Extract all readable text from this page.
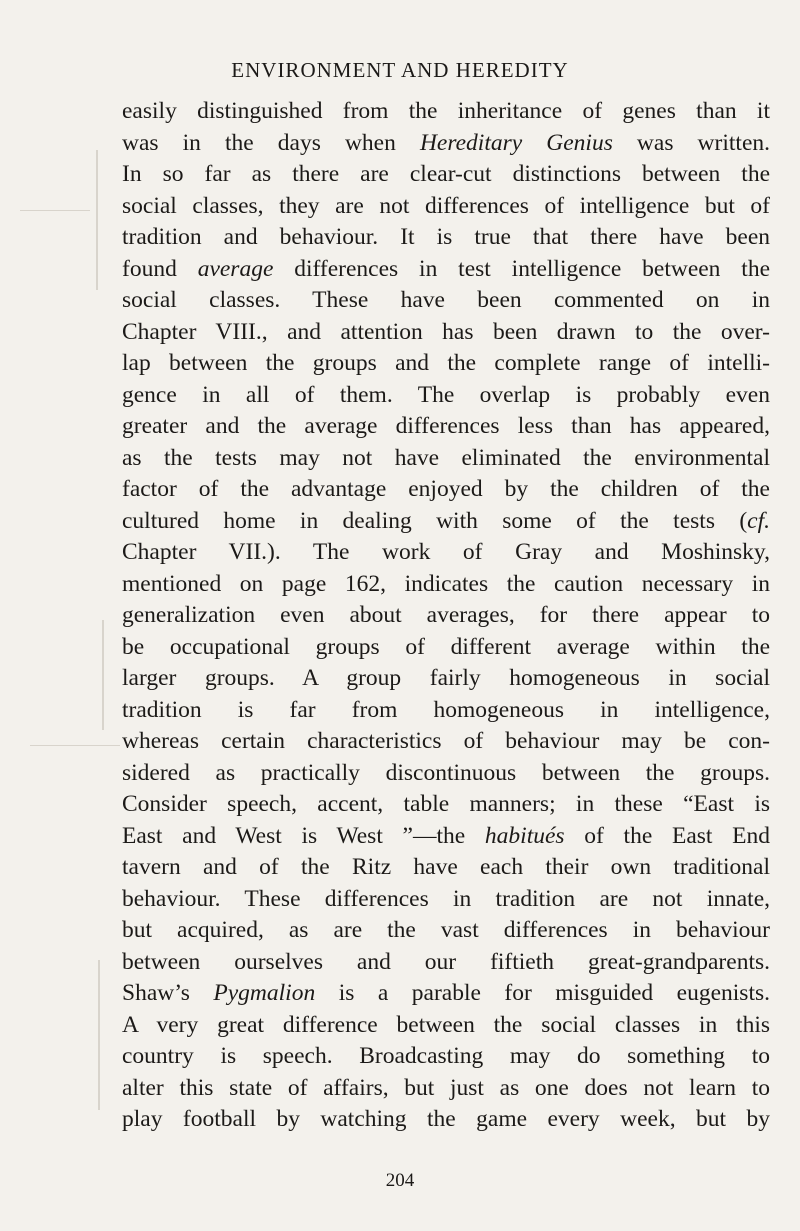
ENVIRONMENT AND HEREDITY
easily distinguished from the inheritance of genes than it
was in the days when Hereditary Genius was written.
In so far as there are clear-cut distinctions between the
social classes, they are not differences of intelligence but of
tradition and behaviour. It is true that there have been
found average differences in test intelligence between the
social classes. These have been commented on in
Chapter VIII., and attention has been drawn to the over-
lap between the groups and the complete range of intelli-
gence in all of them. The overlap is probably even
greater and the average differences less than has appeared,
as the tests may not have eliminated the environmental
factor of the advantage enjoyed by the children of the
cultured home in dealing with some of the tests (cf.
Chapter VII.). The work of Gray and Moshinsky,
mentioned on page 162, indicates the caution necessary in
generalization even about averages, for there appear to
be occupational groups of different average within the
larger groups. A group fairly homogeneous in social
tradition is far from homogeneous in intelligence,
whereas certain characteristics of behaviour may be con-
sidered as practically discontinuous between the groups.
Consider speech, accent, table manners; in these “East is
East and West is West ”—the habitués of the East End
tavern and of the Ritz have each their own traditional
behaviour. These differences in tradition are not innate,
but acquired, as are the vast differences in behaviour
between ourselves and our fiftieth great-grandparents.
Shaw’s Pygmalion is a parable for misguided eugenists.
A very great difference between the social classes in this
country is speech. Broadcasting may do something to
alter this state of affairs, but just as one does not learn to
play football by watching the game every week, but by
204
